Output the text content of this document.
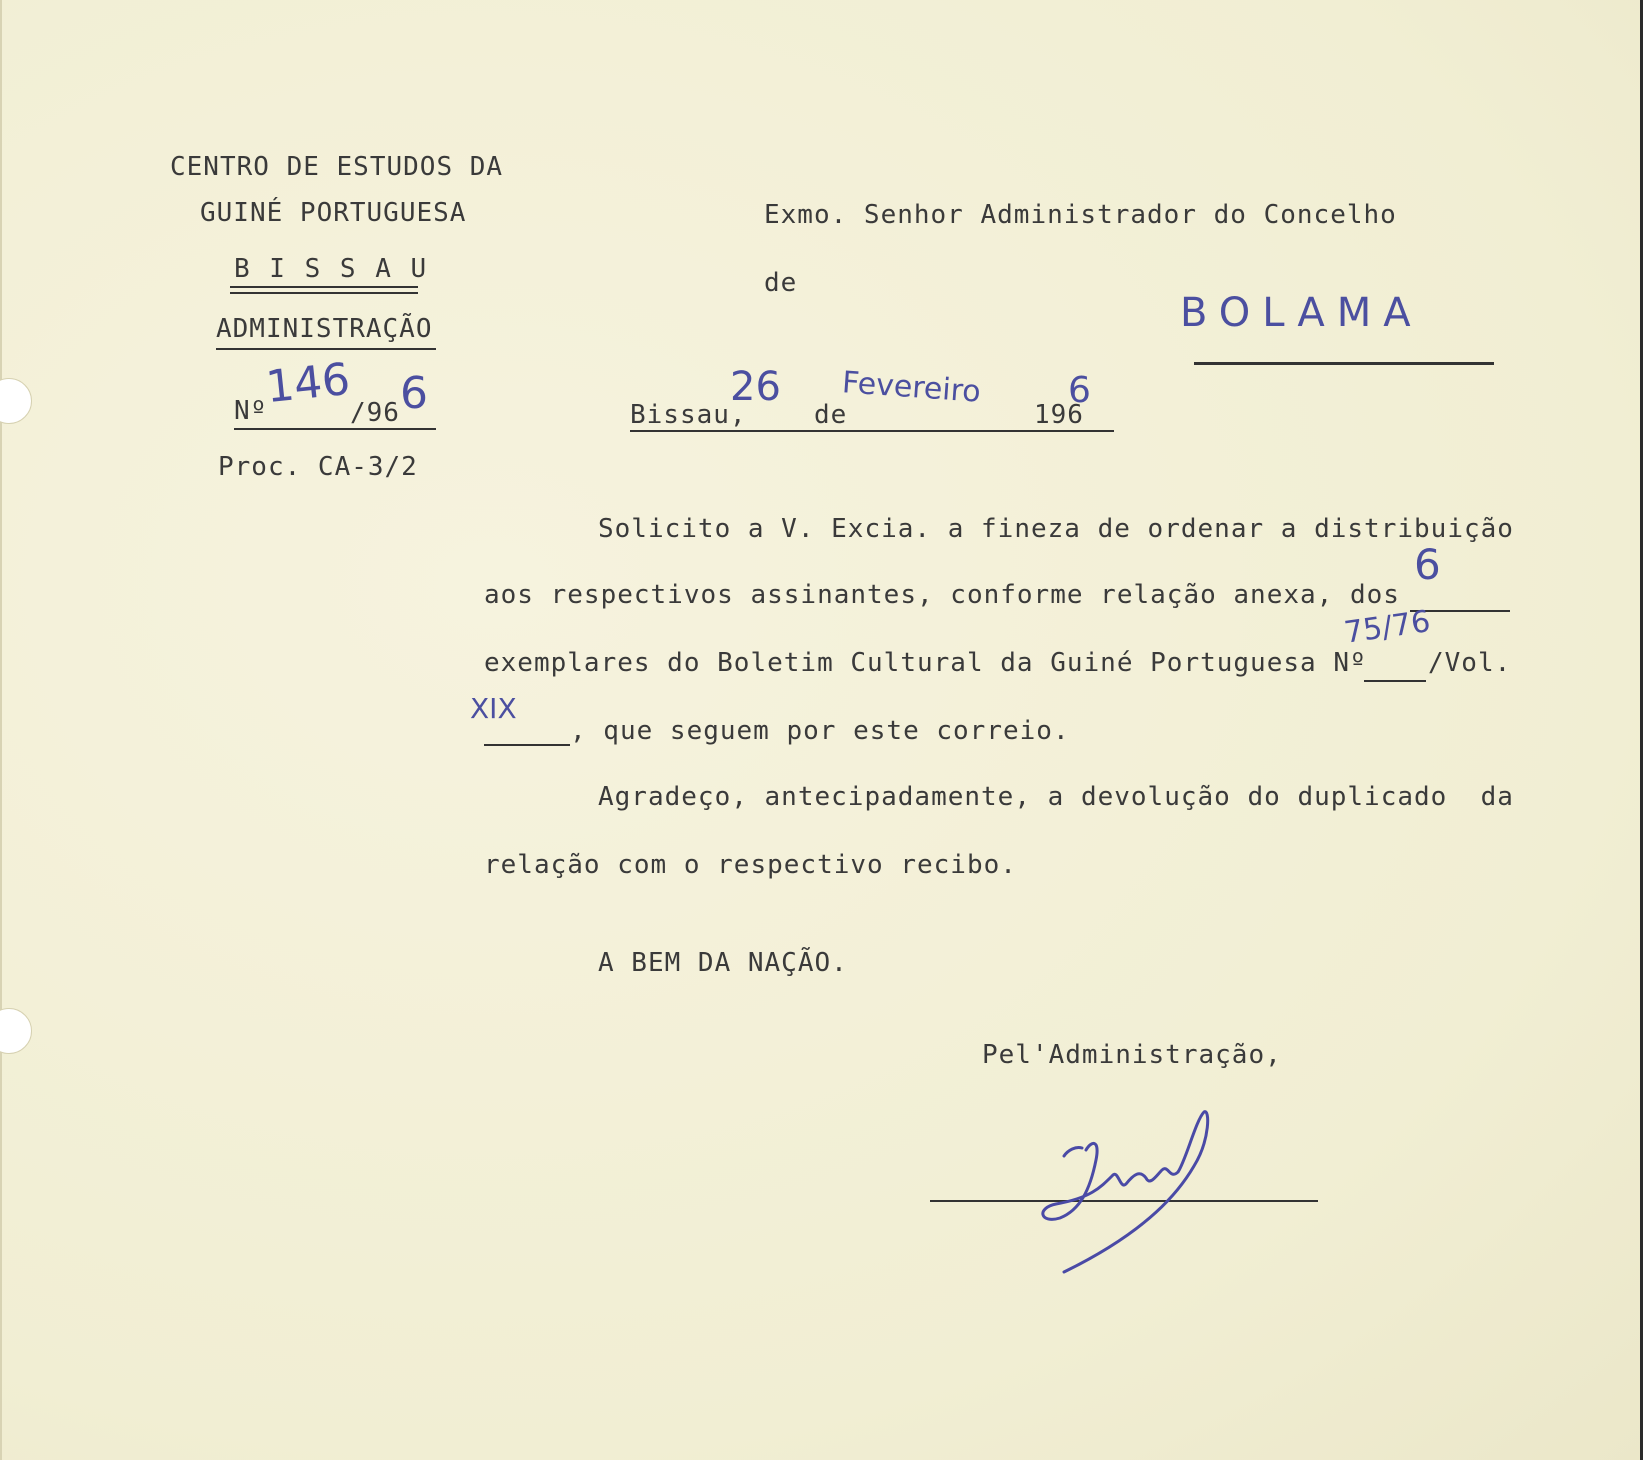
CENTRO DE ESTUDOS DA
GUINÉ PORTUGUESA
B I S S A U
ADMINISTRAÇÃO
Nº
146
/96 6
Proc. CA-3/2
Exmo. Senhor Administrador do Concelho
de
BOLAMA
26 Fevereiro 6
Bissau,	de	196
Solicito a V. Excia. a fineza de ordenar a distribuição
aos respectivos assinantes, conforme relação anexa, dos
6
exemplares do Boletim Cultural da Guiné Portuguesa Nº
75/76
/Vol.
XIX
, que seguem por este correio.
Agradeço, antecipadamente, a devolução do duplicado  da
relação com o respectivo recibo.
A BEM DA NAÇÃO.
Pel'Administração,
